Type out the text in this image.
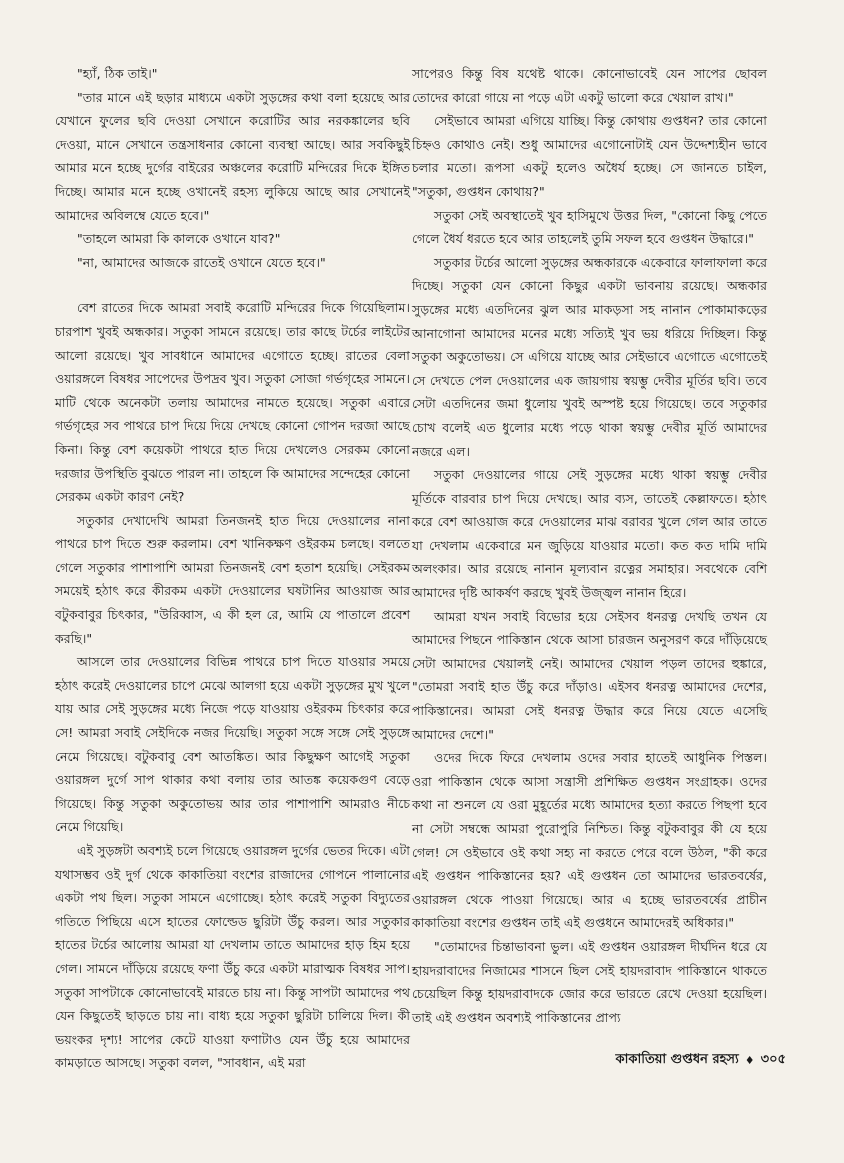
"হ্যাঁ, ঠিক তাই।"

"তার মানে এই ছড়ার মাধ্যমে একটা সুড়ঙ্গের কথা বলা হয়েছে আর যেখানে ফুলের ছবি দেওয়া সেখানে করোটির আর নরকঙ্কালের ছবি দেওয়া, মানে সেখানে তন্ত্রসাধনার কোনো ব্যবস্থা আছে। আর সবকিছুই আমার মনে হচ্ছে দুর্গের বাইরের অঞ্চলের করোটি মন্দিরের দিকে ইঙ্গিত দিচ্ছে। আমার মনে হচ্ছে ওখানেই রহস্য লুকিয়ে আছে আর সেখানেই আমাদের অবিলম্বে যেতে হবে।"

"তাহলে আমরা কি কালকে ওখানে যাব?"

"না, আমাদের আজকে রাতেই ওখানে যেতে হবে।"

বেশ রাতের দিকে আমরা সবাই করোটি মন্দিরের দিকে গিয়েছিলাম। চারপাশ খুবই অন্ধকার। সতুকা সামনে রয়েছে। তার কাছে টর্চের লাইটের আলো রয়েছে। খুব সাবধানে আমাদের এগোতে হচ্ছে। রাতের বেলা ওয়ারঙ্গলে বিষধর সাপেদের উপদ্রব খুব। সতুকা সোজা গর্ভগৃহের সামনে। মাটি থেকে অনেকটা তলায় আমাদের নামতে হয়েছে। সতুকা এবারে গর্ভগৃহের সব পাথরে চাপ দিয়ে দিয়ে দেখছে কোনো গোপন দরজা আছে কিনা। কিন্তু বেশ কয়েকটা পাথরে হাত দিয়ে দেখলেও সেরকম কোনো দরজার উপস্থিতি বুঝতে পারল না। তাহলে কি আমাদের সন্দেহের কোনো সেরকম একটা কারণ নেই?

সতুকার দেখাদেখি আমরা তিনজনই হাত দিয়ে দেওয়ালের নানা পাথরে চাপ দিতে শুরু করলাম। বেশ খানিকক্ষণ ওইরকম চলছে। বলতে গেলে সতুকার পাশাপাশি আমরা তিনজনই বেশ হতাশ হয়েছি। সেইরকম সময়েই হঠাৎ করে কীরকম একটা দেওয়ালের ঘষটানির আওয়াজ আর বটুকবাবুর চিৎকার, "উরিব্বাস, এ কী হল রে, আমি যে পাতালে প্রবেশ করছি।"

আসলে তার দেওয়ালের বিভিন্ন পাথরে চাপ দিতে যাওয়ার সময়ে হঠাৎ করেই দেওয়ালের চাপে মেঝে আলগা হয়ে একটা সুড়ঙ্গের মুখ খুলে যায় আর সেই সুড়ঙ্গের মধ্যে নিজে পড়ে যাওয়ায় ওইরকম চিৎকার করে সে! আমরা সবাই সেইদিকে নজর দিয়েছি। সতুকা সঙ্গে সঙ্গে সেই সুড়ঙ্গে নেমে গিয়েছে। বটুকবাবু বেশ আতঙ্কিত। আর কিছুক্ষণ আগেই সতুকা ওয়ারঙ্গল দুর্গে সাপ থাকার কথা বলায় তার আতঙ্ক কয়েকগুণ বেড়ে গিয়েছে। কিন্তু সতুকা অকুতোভয় আর তার পাশাপাশি আমরাও নীচে নেমে গিয়েছি।

এই সুড়ঙ্গটা অবশ্যই চলে গিয়েছে ওয়ারঙ্গল দুর্গের ভেতর দিকে। এটা যথাসম্ভব ওই দুর্গ থেকে কাকাতিয়া বংশের রাজাদের গোপনে পালানোর একটা পথ ছিল। সতুকা সামনে এগোচ্ছে। হঠাৎ করেই সতুকা বিদ্যুতের গতিতে পিছিয়ে এসে হাতের ফোল্ডেড ছুরিটা উঁচু করল। আর সতুকার হাতের টর্চের আলোয় আমরা যা দেখলাম তাতে আমাদের হাড় হিম হয়ে গেল। সামনে দাঁড়িয়ে রয়েছে ফণা উঁচু করে একটা মারাত্মক বিষধর সাপ। সতুকা সাপটাকে কোনোভাবেই মারতে চায় না। কিন্তু সাপটা আমাদের পথ যেন কিছুতেই ছাড়তে চায় না। বাধ্য হয়ে সতুকা ছুরিটা চালিয়ে দিল। কী ভয়ংকর দৃশ্য! সাপের কেটে যাওয়া ফণাটাও যেন উঁচু হয়ে আমাদের কামড়াতে আসছে। সতুকা বলল, "সাবধান, এই মরা

সাপেরও কিন্তু বিষ যথেষ্ট থাকে। কোনোভাবেই যেন সাপের ছোবল তোদের কারো গায়ে না পড়ে এটা একটু ভালো করে খেয়াল রাখ।"

সেইভাবে আমরা এগিয়ে যাচ্ছি। কিন্তু কোথায় গুপ্তধন? তার কোনো চিহ্নও কোথাও নেই। শুধু আমাদের এগোনোটাই যেন উদ্দেশ্যহীন ভাবে চলার মতো। রূপসা একটু হলেও অধৈর্য হচ্ছে। সে জানতে চাইল, "সতুকা, গুপ্তধন কোথায়?"

সতুকা সেই অবস্থাতেই খুব হাসিমুখে উত্তর দিল, "কোনো কিছু পেতে গেলে ধৈর্য ধরতে হবে আর তাহলেই তুমি সফল হবে গুপ্তধন উদ্ধারে।"

সতুকার টর্চের আলো সুড়ঙ্গের অন্ধকারকে একেবারে ফালাফালা করে দিচ্ছে। সতুকা যেন কোনো কিছুর একটা ভাবনায় রয়েছে। অন্ধকার সুড়ঙ্গের মধ্যে এতদিনের ঝুল আর মাকড়সা সহ নানান পোকামাকড়ের আনাগোনা আমাদের মনের মধ্যে সত্যিই খুব ভয় ধরিয়ে দিচ্ছিল। কিন্তু সতুকা অকুতোভয়। সে এগিয়ে যাচ্ছে আর সেইভাবে এগোতে এগোতেই সে দেখতে পেল দেওয়ালের এক জায়গায় স্বয়ম্ভু দেবীর মূর্তির ছবি। তবে সেটা এতদিনের জমা ধুলোয় খুবই অস্পষ্ট হয়ে গিয়েছে। তবে সতুকার চোখ বলেই এত ধুলোর মধ্যে পড়ে থাকা স্বয়ম্ভু দেবীর মূর্তি আমাদের নজরে এল।

সতুকা দেওয়ালের গায়ে সেই সুড়ঙ্গের মধ্যে থাকা স্বয়ম্ভু দেবীর মূর্তিকে বারবার চাপ দিয়ে দেখছে। আর ব্যস, তাতেই কেল্লাফতে। হঠাৎ করে বেশ আওয়াজ করে দেওয়ালের মাঝ বরাবর খুলে গেল আর তাতে যা দেখলাম একেবারে মন জুড়িয়ে যাওয়ার মতো। কত কত দামি দামি অলংকার। আর রয়েছে নানান মূল্যবান রত্নের সমাহার। সবথেকে বেশি আমাদের দৃষ্টি আকর্ষণ করছে খুবই উজ্জ্বল নানান হিরে।

আমরা যখন সবাই বিভোর হয়ে সেইসব ধনরত্ন দেখছি তখন যে আমাদের পিছনে পাকিস্তান থেকে আসা চারজন অনুসরণ করে দাঁড়িয়েছে সেটা আমাদের খেয়ালই নেই। আমাদের খেয়াল পড়ল তাদের হুঙ্কারে, "তোমরা সবাই হাত উঁচু করে দাঁড়াও। এইসব ধনরত্ন আমাদের দেশের, পাকিস্তানের। আমরা সেই ধনরত্ন উদ্ধার করে নিয়ে যেতে এসেছি আমাদের দেশে।"

ওদের দিকে ফিরে দেখলাম ওদের সবার হাতেই আধুনিক পিস্তল। ওরা পাকিস্তান থেকে আসা সন্ত্রাসী প্রশিক্ষিত গুপ্তধন সংগ্রাহক। ওদের কথা না শুনলে যে ওরা মুহূর্তের মধ্যে আমাদের হত্যা করতে পিছপা হবে না সেটা সম্বন্ধে আমরা পুরোপুরি নিশ্চিত। কিন্তু বটুকবাবুর কী যে হয়ে গেল! সে ওইভাবে ওই কথা সহ্য না করতে পেরে বলে উঠল, "কী করে এই গুপ্তধন পাকিস্তানের হয়? এই গুপ্তধন তো আমাদের ভারতবর্ষের, ওয়ারঙ্গল থেকে পাওয়া গিয়েছে। আর এ হচ্ছে ভারতবর্ষের প্রাচীন কাকাতিয়া বংশের গুপ্তধন তাই এই গুপ্তধনে আমাদেরই অধিকার।"

"তোমাদের চিন্তাভাবনা ভুল। এই গুপ্তধন ওয়ারঙ্গল দীর্ঘদিন ধরে যে হায়দরাবাদের নিজামের শাসনে ছিল সেই হায়দরাবাদ পাকিস্তানে থাকতে চেয়েছিল কিন্তু হায়দরাবাদকে জোর করে ভারতে রেখে দেওয়া হয়েছিল। তাই এই গুপ্তধন অবশ্যই পাকিস্তানের প্রাপ্য

কাকাতিয়া গুপ্তধন রহস্য ♦ ৩০৫
